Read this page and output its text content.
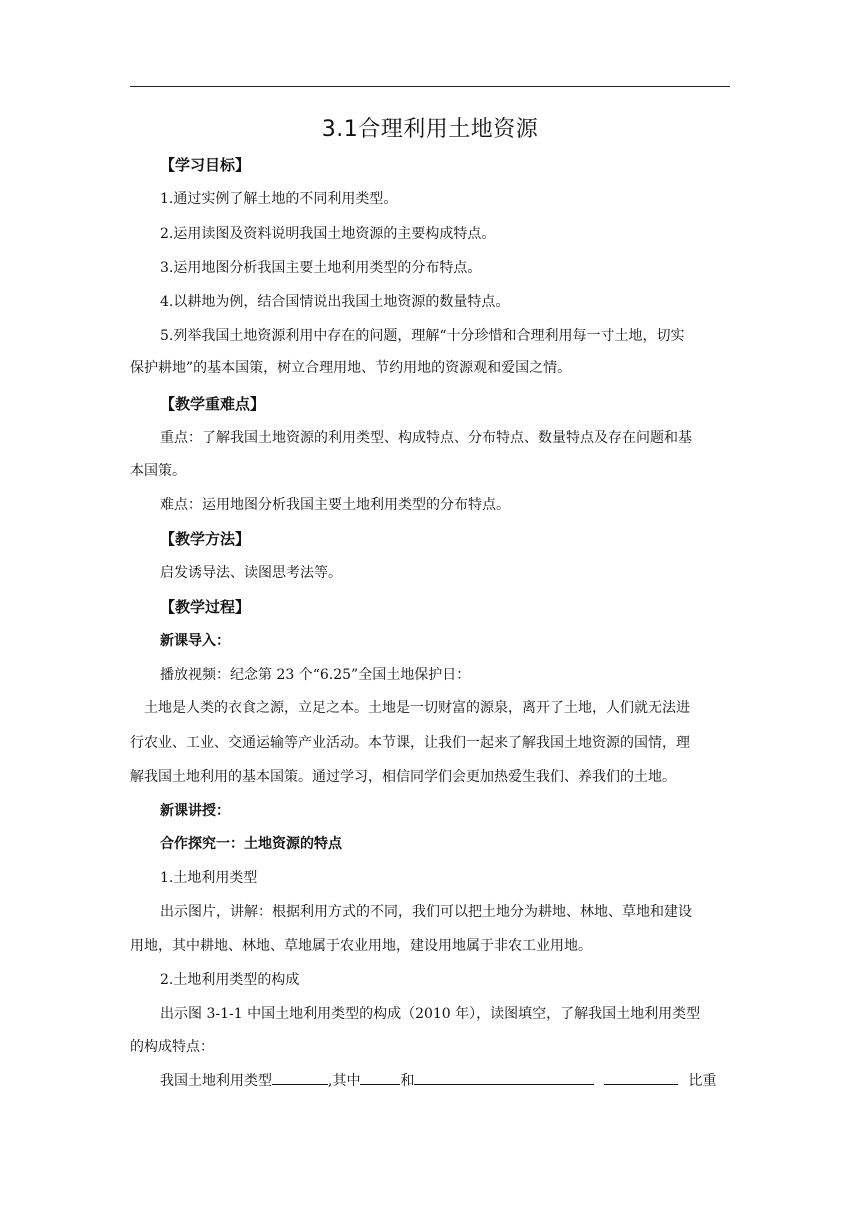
3.1合理利用土地资源
【学习目标】
1.通过实例了解土地的不同利用类型。
2.运用读图及资料说明我国土地资源的主要构成特点。
3.运用地图分析我国主要土地利用类型的分布特点。
4.以耕地为例，结合国情说出我国土地资源的数量特点。
5.列举我国土地资源利用中存在的问题，理解“十分珍惜和合理利用每一寸土地，切实
保护耕地”的基本国策，树立合理用地、节约用地的资源观和爱国之情。
【教学重难点】
重点：了解我国土地资源的利用类型、构成特点、分布特点、数量特点及存在问题和基
本国策。
难点：运用地图分析我国主要土地利用类型的分布特点。
【教学方法】
启发诱导法、读图思考法等。
【教学过程】
新课导入：
播放视频：纪念第 23 个“6.25”全国土地保护日：
土地是人类的衣食之源，立足之本。土地是一切财富的源泉，离开了土地，人们就无法进
行农业、工业、交通运输等产业活动。本节课，让我们一起来了解我国土地资源的国情，理
解我国土地利用的基本国策。通过学习，相信同学们会更加热爱生我们、养我们的土地。
新课讲授：
合作探究一：土地资源的特点
1.土地利用类型
出示图片，讲解：根据利用方式的不同，我们可以把土地分为耕地、林地、草地和建设
用地，其中耕地、林地、草地属于农业用地，建设用地属于非农工业用地。
2.土地利用类型的构成
出示图 3-1-1 中国土地利用类型的构成（2010 年），读图填空，了解我国土地利用类型
的构成特点：
我国土地利用类型	,其中	和	比重
